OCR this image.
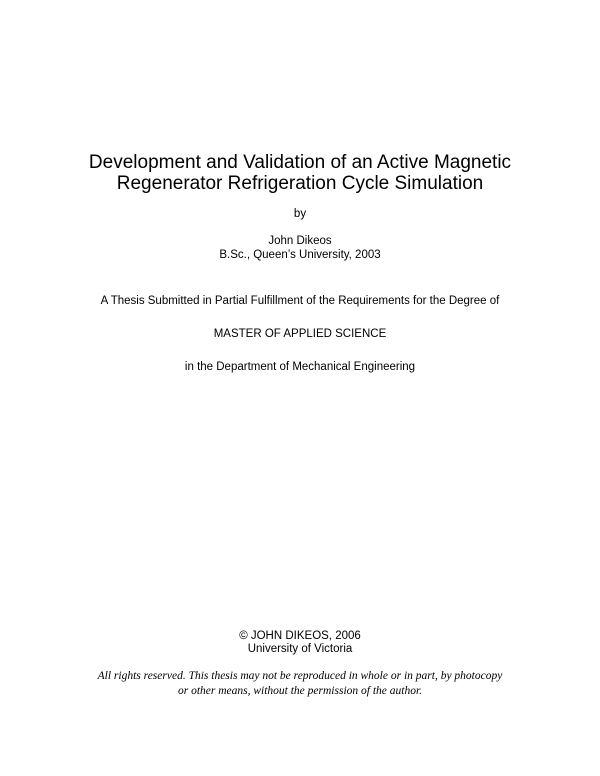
Development and Validation of an Active Magnetic
Regenerator Refrigeration Cycle Simulation
by
John Dikeos
B.Sc., Queen’s University, 2003
A Thesis Submitted in Partial Fulfillment of the Requirements for the Degree of
MASTER OF APPLIED SCIENCE
in the Department of Mechanical Engineering
© JOHN DIKEOS, 2006
University of Victoria
All rights reserved. This thesis may not be reproduced in whole or in part, by photocopy
or other means, without the permission of the author.
